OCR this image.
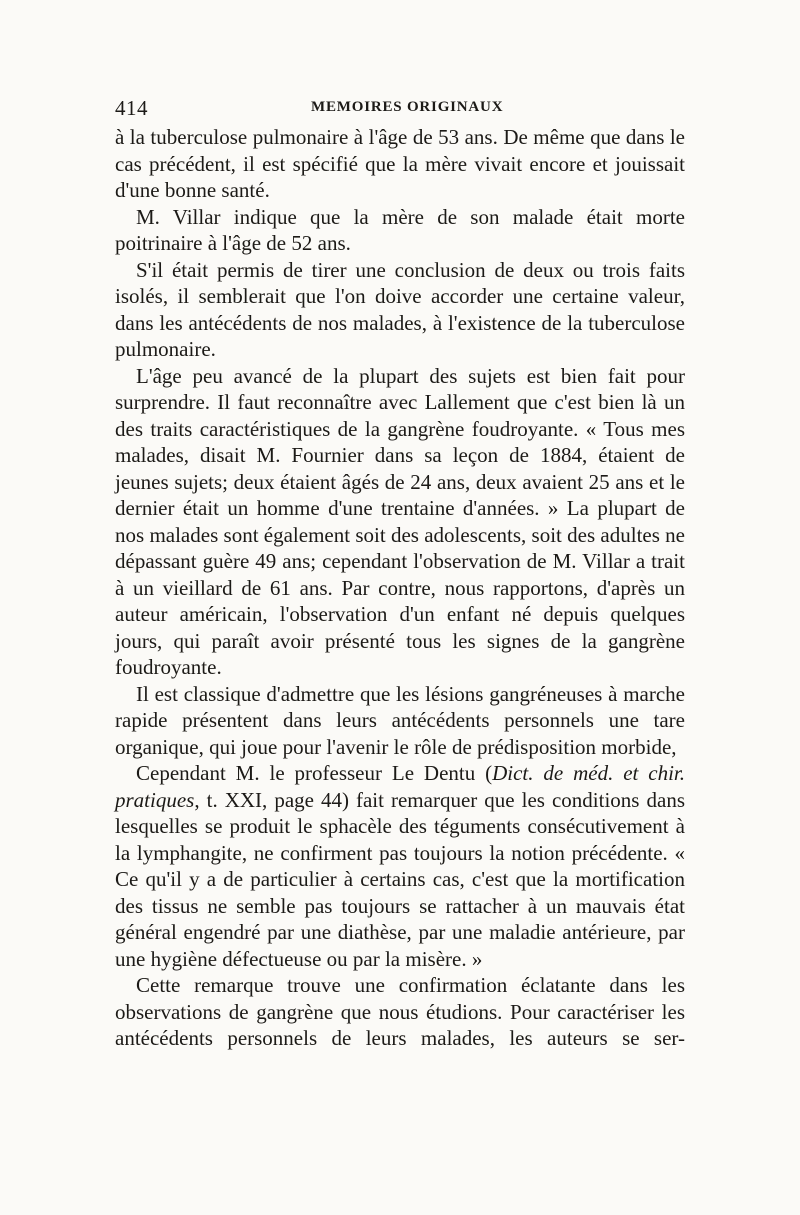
414	MEMOIRES ORIGINAUX

à la tuberculose pulmonaire à l'âge de 53 ans. De même que dans le cas précédent, il est spécifié que la mère vivait encore et jouissait d'une bonne santé.

M. Villar indique que la mère de son malade était morte poitrinaire à l'âge de 52 ans.

S'il était permis de tirer une conclusion de deux ou trois faits isolés, il semblerait que l'on doive accorder une certaine valeur, dans les antécédents de nos malades, à l'existence de la tuberculose pulmonaire.

L'âge peu avancé de la plupart des sujets est bien fait pour surprendre. Il faut reconnaître avec Lallement que c'est bien là un des traits caractéristiques de la gangrène foudroyante. « Tous mes malades, disait M. Fournier dans sa leçon de 1884, étaient de jeunes sujets; deux étaient âgés de 24 ans, deux avaient 25 ans et le dernier était un homme d'une trentaine d'années. » La plupart de nos malades sont également soit des adolescents, soit des adultes ne dépassant guère 49 ans; cependant l'observation de M. Villar a trait à un vieillard de 61 ans. Par contre, nous rapportons, d'après un auteur américain, l'observation d'un enfant né depuis quelques jours, qui paraît avoir présenté tous les signes de la gangrène foudroyante.

Il est classique d'admettre que les lésions gangréneuses à marche rapide présentent dans leurs antécédents personnels une tare organique, qui joue pour l'avenir le rôle de prédisposition morbide,

Cependant M. le professeur Le Dentu (Dict. de méd. et chir. pratiques, t. XXI, page 44) fait remarquer que les conditions dans lesquelles se produit le sphacèle des téguments consécutivement à la lymphangite, ne confirment pas toujours la notion précédente. « Ce qu'il y a de particulier à certains cas, c'est que la mortification des tissus ne semble pas toujours se rattacher à un mauvais état général engendré par une diathèse, par une maladie antérieure, par une hygiène défectueuse ou par la misère. »

Cette remarque trouve une confirmation éclatante dans les observations de gangrène que nous étudions. Pour caractériser les antécédents personnels de leurs malades, les auteurs se ser-
